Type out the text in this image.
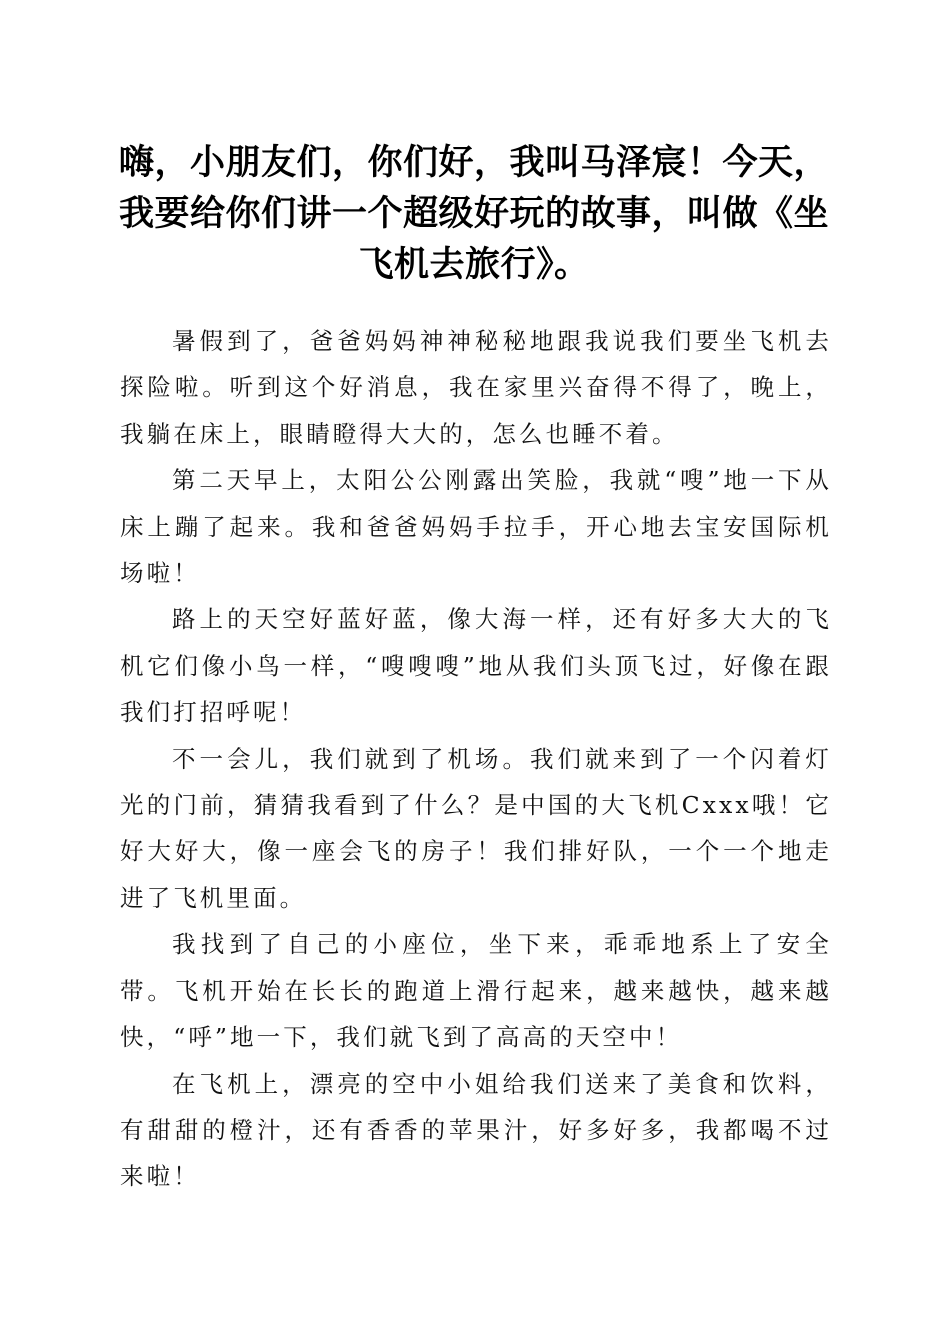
嗨，小朋友们，你们好，我叫马泽宸！今天，我要给你们讲一个超级好玩的故事，叫做《坐飞机去旅行》。

暑假到了，爸爸妈妈神神秘秘地跟我说我们要坐飞机去探险啦。听到这个好消息，我在家里兴奋得不得了，晚上，我躺在床上，眼睛瞪得大大的，怎么也睡不着。

第二天早上，太阳公公刚露出笑脸，我就“嗖”地一下从床上蹦了起来。我和爸爸妈妈手拉手，开心地去宝安国际机场啦！

路上的天空好蓝好蓝，像大海一样，还有好多大大的飞机它们像小鸟一样，“嗖嗖嗖”地从我们头顶飞过，好像在跟我们打招呼呢！

不一会儿，我们就到了机场。我们就来到了一个闪着灯光的门前，猜猜我看到了什么？是中国的大飞机Cxxx哦！它好大好大，像一座会飞的房子！我们排好队，一个一个地走进了飞机里面。

我找到了自己的小座位，坐下来，乖乖地系上了安全带。飞机开始在长长的跑道上滑行起来，越来越快，越来越快，“呼”地一下，我们就飞到了高高的天空中！

在飞机上，漂亮的空中小姐给我们送来了美食和饮料，有甜甜的橙汁，还有香香的苹果汁，好多好多，我都喝不过来啦！
